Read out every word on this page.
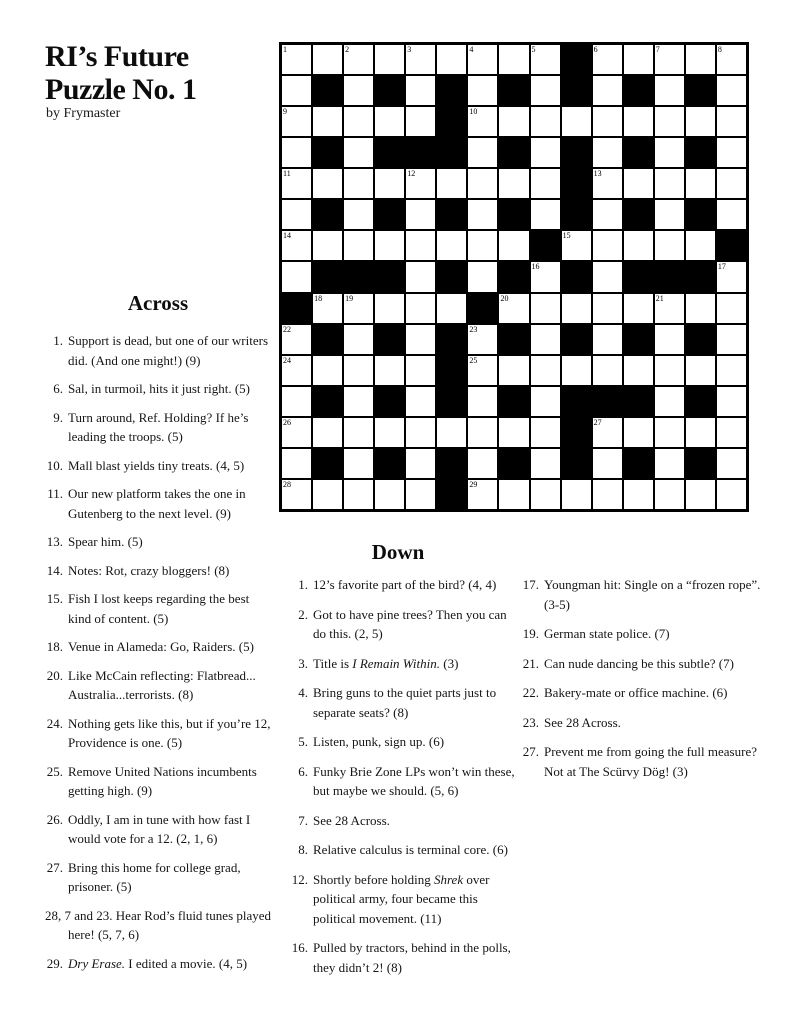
RI’s Future
Puzzle No. 1
by Frymaster
1	2	3	4	5	6	7	8
9	10
11	12	13
14	15
16	17
18	19	20	21
22	23
24	25
26	27
28	29
Across
1. Support is dead, but one of our writers did. (And one might!) (9)
6. Sal, in turmoil, hits it just right. (5)
9. Turn around, Ref. Holding? If he’s leading the troops. (5)
10. Mall blast yields tiny treats. (4, 5)
11. Our new platform takes the one in Gutenberg to the next level. (9)
13. Spear him. (5)
14. Notes: Rot, crazy bloggers! (8)
15. Fish I lost keeps regarding the best kind of content. (5)
18. Venue in Alameda: Go, Raiders. (5)
20. Like McCain reflecting: Flatbread... Australia...terrorists. (8)
24. Nothing gets like this, but if you’re 12, Providence is one. (5)
25. Remove United Nations incumbents getting high. (9)
26. Oddly, I am in tune with how fast I would vote for a 12. (2, 1, 6)
27. Bring this home for college grad, prisoner. (5)
28, 7 and 23. Hear Rod’s fluid tunes played here! (5, 7, 6)
29. Dry Erase. I edited a movie. (4, 5)
Down
1. 12’s favorite part of the bird? (4, 4)
2. Got to have pine trees? Then you can do this. (2, 5)
3. Title is I Remain Within. (3)
4. Bring guns to the quiet parts just to separate seats? (8)
5. Listen, punk, sign up. (6)
6. Funky Brie Zone LPs won’t win these, but maybe we should. (5, 6)
7. See 28 Across.
8. Relative calculus is terminal core. (6)
12. Shortly before holding Shrek over political army, four became this political movement. (11)
16. Pulled by tractors, behind in the polls, they didn’t 2! (8)
17. Youngman hit: Single on a “frozen rope”. (3-5)
19. German state police. (7)
21. Can nude dancing be this subtle? (7)
22. Bakery-mate or office machine. (6)
23. See 28 Across.
27. Prevent me from going the full measure? Not at The Scürvy Dög! (3)
